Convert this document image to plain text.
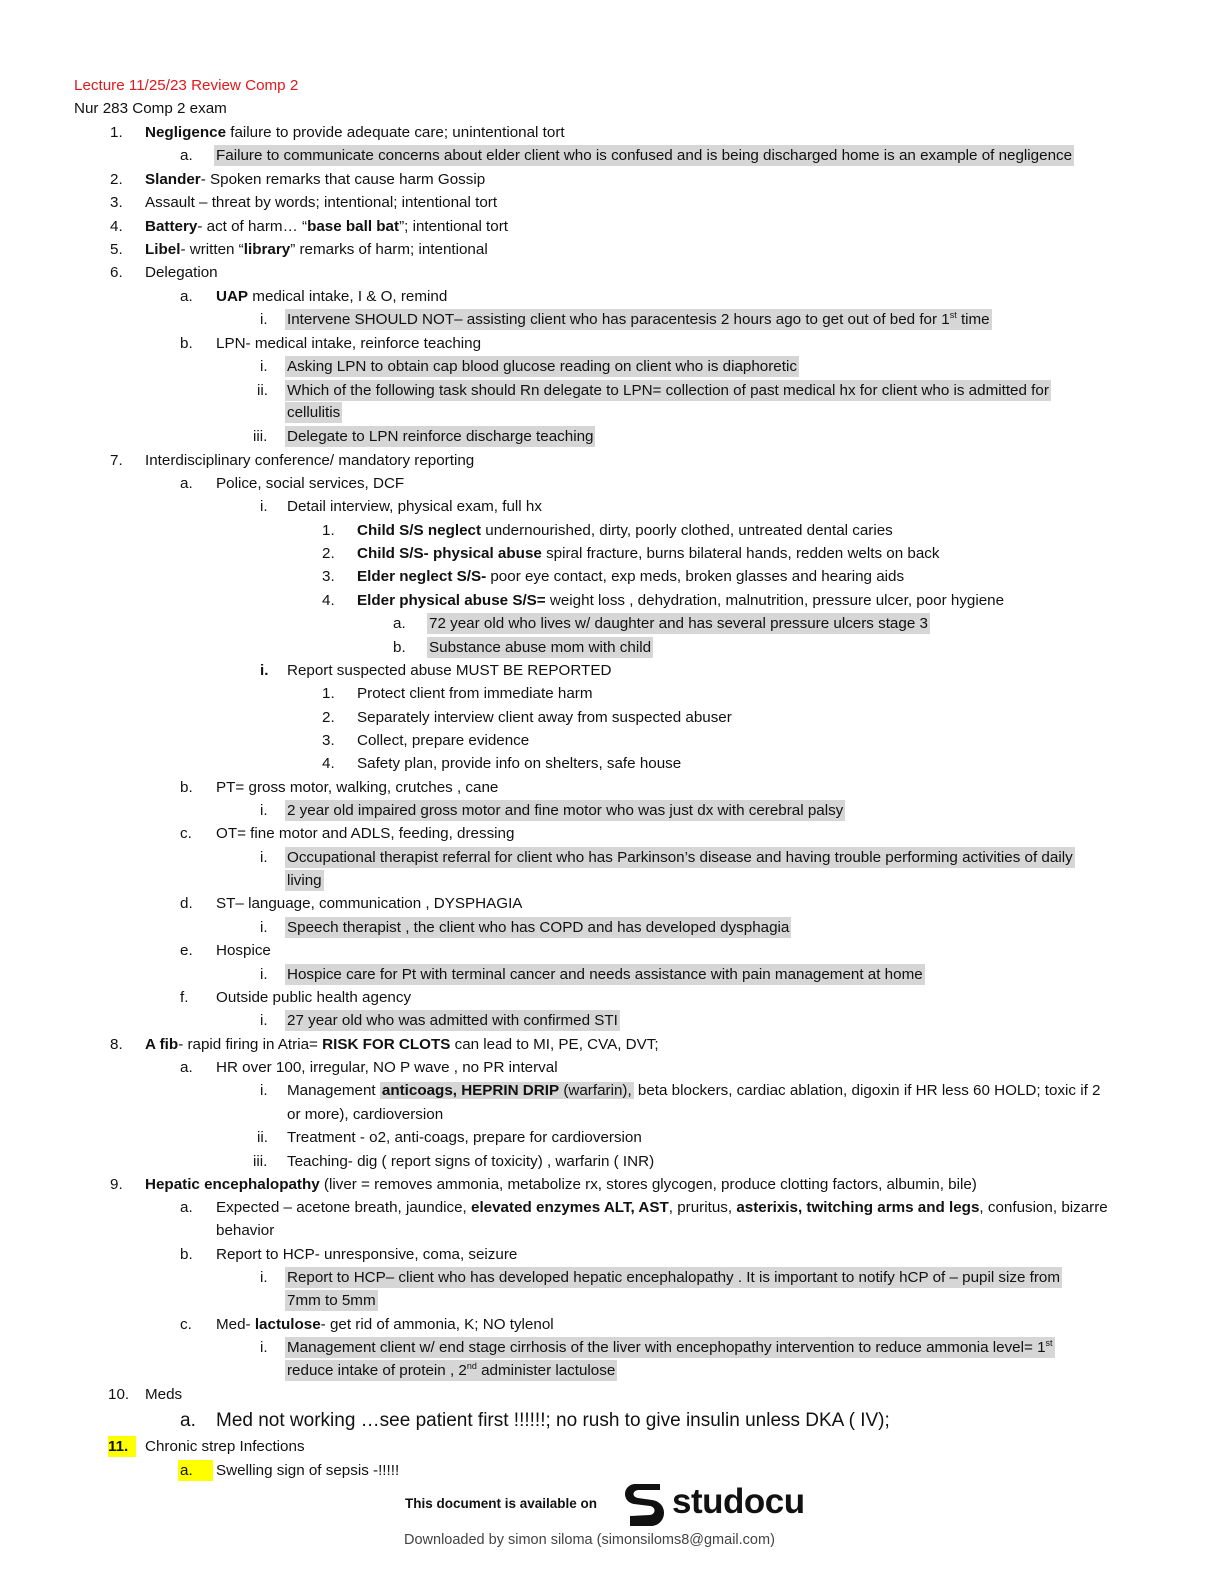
Lecture 11/25/23 Review Comp 2
Nur 283 Comp 2 exam
1. Negligence failure to provide adequate care; unintentional tort
a. Failure to communicate concerns about elder client who is confused and is being discharged home is an example of negligence
2. Slander- Spoken remarks that cause harm Gossip
3. Assault – threat by words; intentional; intentional tort
4. Battery- act of harm… “base ball bat”; intentional tort
5. Libel- written “library” remarks of harm; intentional
6. Delegation
a. UAP medical intake, I & O, remind
i. Intervene SHOULD NOT– assisting client who has paracentesis 2 hours ago to get out of bed for 1st time
b. LPN- medical intake, reinforce teaching
i. Asking LPN to obtain cap blood glucose reading on client who is diaphoretic
ii. Which of the following task should Rn delegate to LPN= collection of past medical hx for client who is admitted for
cellulitis
iii. Delegate to LPN reinforce discharge teaching
7. Interdisciplinary conference/ mandatory reporting
a. Police, social services, DCF
i. Detail interview, physical exam, full hx
1. Child S/S neglect undernourished, dirty, poorly clothed, untreated dental caries
2. Child S/S- physical abuse spiral fracture, burns bilateral hands, redden welts on back
3. Elder neglect S/S- poor eye contact, exp meds, broken glasses and hearing aids
4. Elder physical abuse S/S= weight loss , dehydration, malnutrition, pressure ulcer, poor hygiene
a. 72 year old who lives w/ daughter and has several pressure ulcers stage 3
b. Substance abuse mom with child
i. Report suspected abuse MUST BE REPORTED
1. Protect client from immediate harm
2. Separately interview client away from suspected abuser
3. Collect, prepare evidence
4. Safety plan, provide info on shelters, safe house
b. PT= gross motor, walking, crutches , cane
i. 2 year old impaired gross motor and fine motor who was just dx with cerebral palsy
c. OT= fine motor and ADLS, feeding, dressing
i. Occupational therapist referral for client who has Parkinson’s disease and having trouble performing activities of daily
living
d. ST– language, communication , DYSPHAGIA
i. Speech therapist , the client who has COPD and has developed dysphagia
e. Hospice
i. Hospice care for Pt with terminal cancer and needs assistance with pain management at home
f. Outside public health agency
i. 27 year old who was admitted with confirmed STI
8. A fib- rapid firing in Atria= RISK FOR CLOTS can lead to MI, PE, CVA, DVT;
a. HR over 100, irregular, NO P wave , no PR interval
i. Management anticoags, HEPRIN DRIP (warfarin), beta blockers, cardiac ablation, digoxin if HR less 60 HOLD; toxic if 2
or more), cardioversion
ii. Treatment - o2, anti-coags, prepare for cardioversion
iii. Teaching- dig ( report signs of toxicity) , warfarin ( INR)
9. Hepatic encephalopathy (liver = removes ammonia, metabolize rx, stores glycogen, produce clotting factors, albumin, bile)
a. Expected – acetone breath, jaundice, elevated enzymes ALT, AST, pruritus, asterixis, twitching arms and legs, confusion, bizarre
behavior
b. Report to HCP- unresponsive, coma, seizure
i. Report to HCP– client who has developed hepatic encephalopathy . It is important to notify hCP of – pupil size from
7mm to 5mm
c. Med- lactulose- get rid of ammonia, K; NO tylenol
i. Management client w/ end stage cirrhosis of the liver with encephopathy intervention to reduce ammonia level= 1st
reduce intake of protein , 2nd administer lactulose
10. Meds
a. Med not working …see patient first !!!!!!; no rush to give insulin unless DKA ( IV);
11.	Chronic strep Infections
a.	Swelling sign of sepsis -!!!!!
This document is available on studocu
Downloaded by simon siloma (simonsiloms8@gmail.com)
